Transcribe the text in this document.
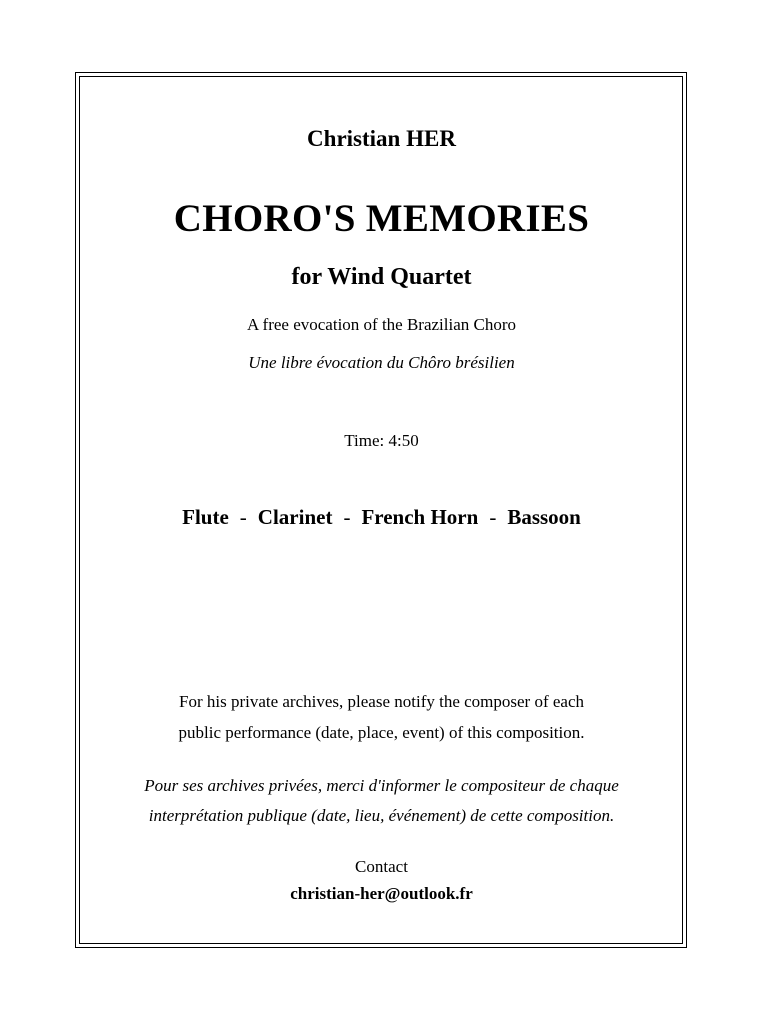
Christian HER
CHORO'S MEMORIES
for Wind Quartet
A free evocation of the Brazilian Choro
Une libre évocation du Chôro brésilien
Time: 4:50
Flute - Clarinet - French Horn - Bassoon
For his private archives, please notify the composer of each
public performance (date, place, event) of this composition.
Pour ses archives privées, merci d'informer le compositeur de chaque
interprétation publique (date, lieu, événement) de cette composition.
Contact
christian-her@outlook.fr
